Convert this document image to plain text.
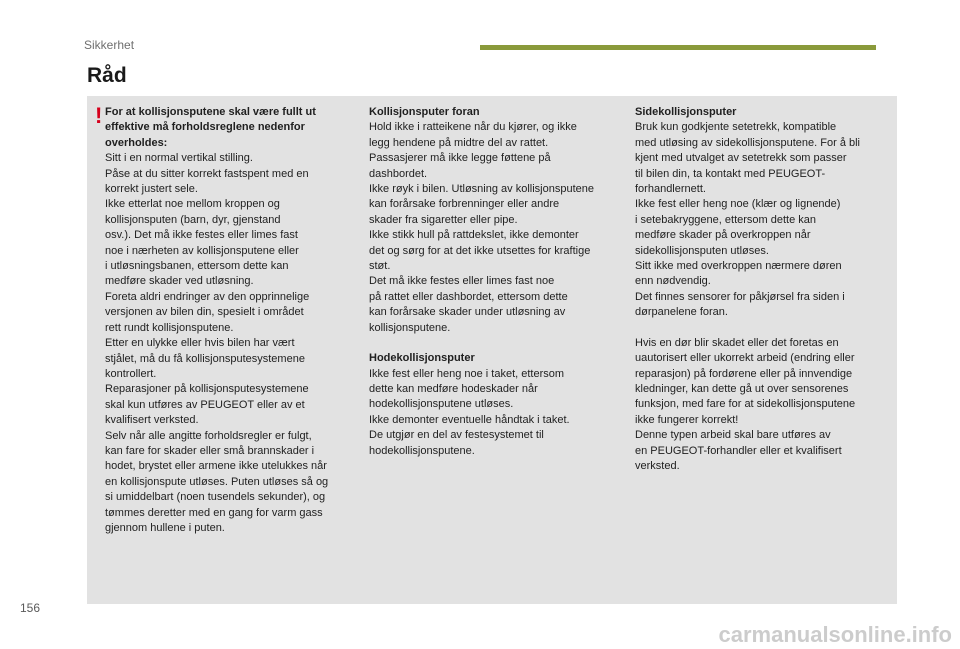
Sikkerhet
Råd
! For at kollisjonsputene skal være fullt ut
effektive må forholdsreglene nedenfor
overholdes:

Sitt i en normal vertikal stilling.
Påse at du sitter korrekt fastspent med en
korrekt justert sele.
Ikke etterlat noe mellom kroppen og
kollisjonsputen (barn, dyr, gjenstand
osv.). Det må ikke festes eller limes fast
noe i nærheten av kollisjonsputene eller
i utløsningsbanen, ettersom dette kan
medføre skader ved utløsning.
Foreta aldri endringer av den opprinnelige
versjonen av bilen din, spesielt i området
rett rundt kollisjonsputene.
Etter en ulykke eller hvis bilen har vært
stjålet, må du få kollisjonsputesystemene
kontrollert.
Reparasjoner på kollisjonsputesystemene
skal kun utføres av PEUGEOT eller av et
kvalifisert verksted.
Selv når alle angitte forholdsregler er fulgt,
kan fare for skader eller små brannskader i
hodet, brystet eller armene ikke utelukkes når
en kollisjonspute utløses. Puten utløses så og
si umiddelbart (noen tusendels sekunder), og
tømmes deretter med en gang for varm gass
gjennom hullene i puten.

Kollisjonsputer foran

Hold ikke i ratteikene når du kjører, og ikke
legg hendene på midtre del av rattet.
Passasjerer må ikke legge føttene på
dashbordet.
Ikke røyk i bilen. Utløsning av kollisjonsputene
kan forårsake forbrenninger eller andre
skader fra sigaretter eller pipe.
Ikke stikk hull på rattdekslet, ikke demonter
det og sørg for at det ikke utsettes for kraftige
støt.
Det må ikke festes eller limes fast noe
på rattet eller dashbordet, ettersom dette
kan forårsake skader under utløsning av
kollisjonsputene.

Hodekollisjonsputer

Ikke fest eller heng noe i taket, ettersom
dette kan medføre hodeskader når
hodekollisjonsputene utløses.
Ikke demonter eventuelle håndtak i taket.
De utgjør en del av festesystemet til
hodekollisjonsputene.

Sidekollisjonsputer

Bruk kun godkjente setetrekk, kompatible
med utløsing av sidekollisjonsputene. For å bli
kjent med utvalget av setetrekk som passer
til bilen din, ta kontakt med PEUGEOT-
forhandlernett.
Ikke fest eller heng noe (klær og lignende)
i setebakryggene, ettersom dette kan
medføre skader på overkroppen når
sidekollisjonsputen utløses.
Sitt ikke med overkroppen nærmere døren
enn nødvendig.
Det finnes sensorer for påkjørsel fra siden i
dørpanelene foran.

Hvis en dør blir skadet eller det foretas en
uautorisert eller ukorrekt arbeid (endring eller
reparasjon) på fordørene eller på innvendige
kledninger, kan dette gå ut over sensorenes
funksjon, med fare for at sidekollisjonsputene
ikke fungerer korrekt!
Denne typen arbeid skal bare utføres av
en PEUGEOT-forhandler eller et kvalifisert
verksted.

156
carmanualsonline.info
